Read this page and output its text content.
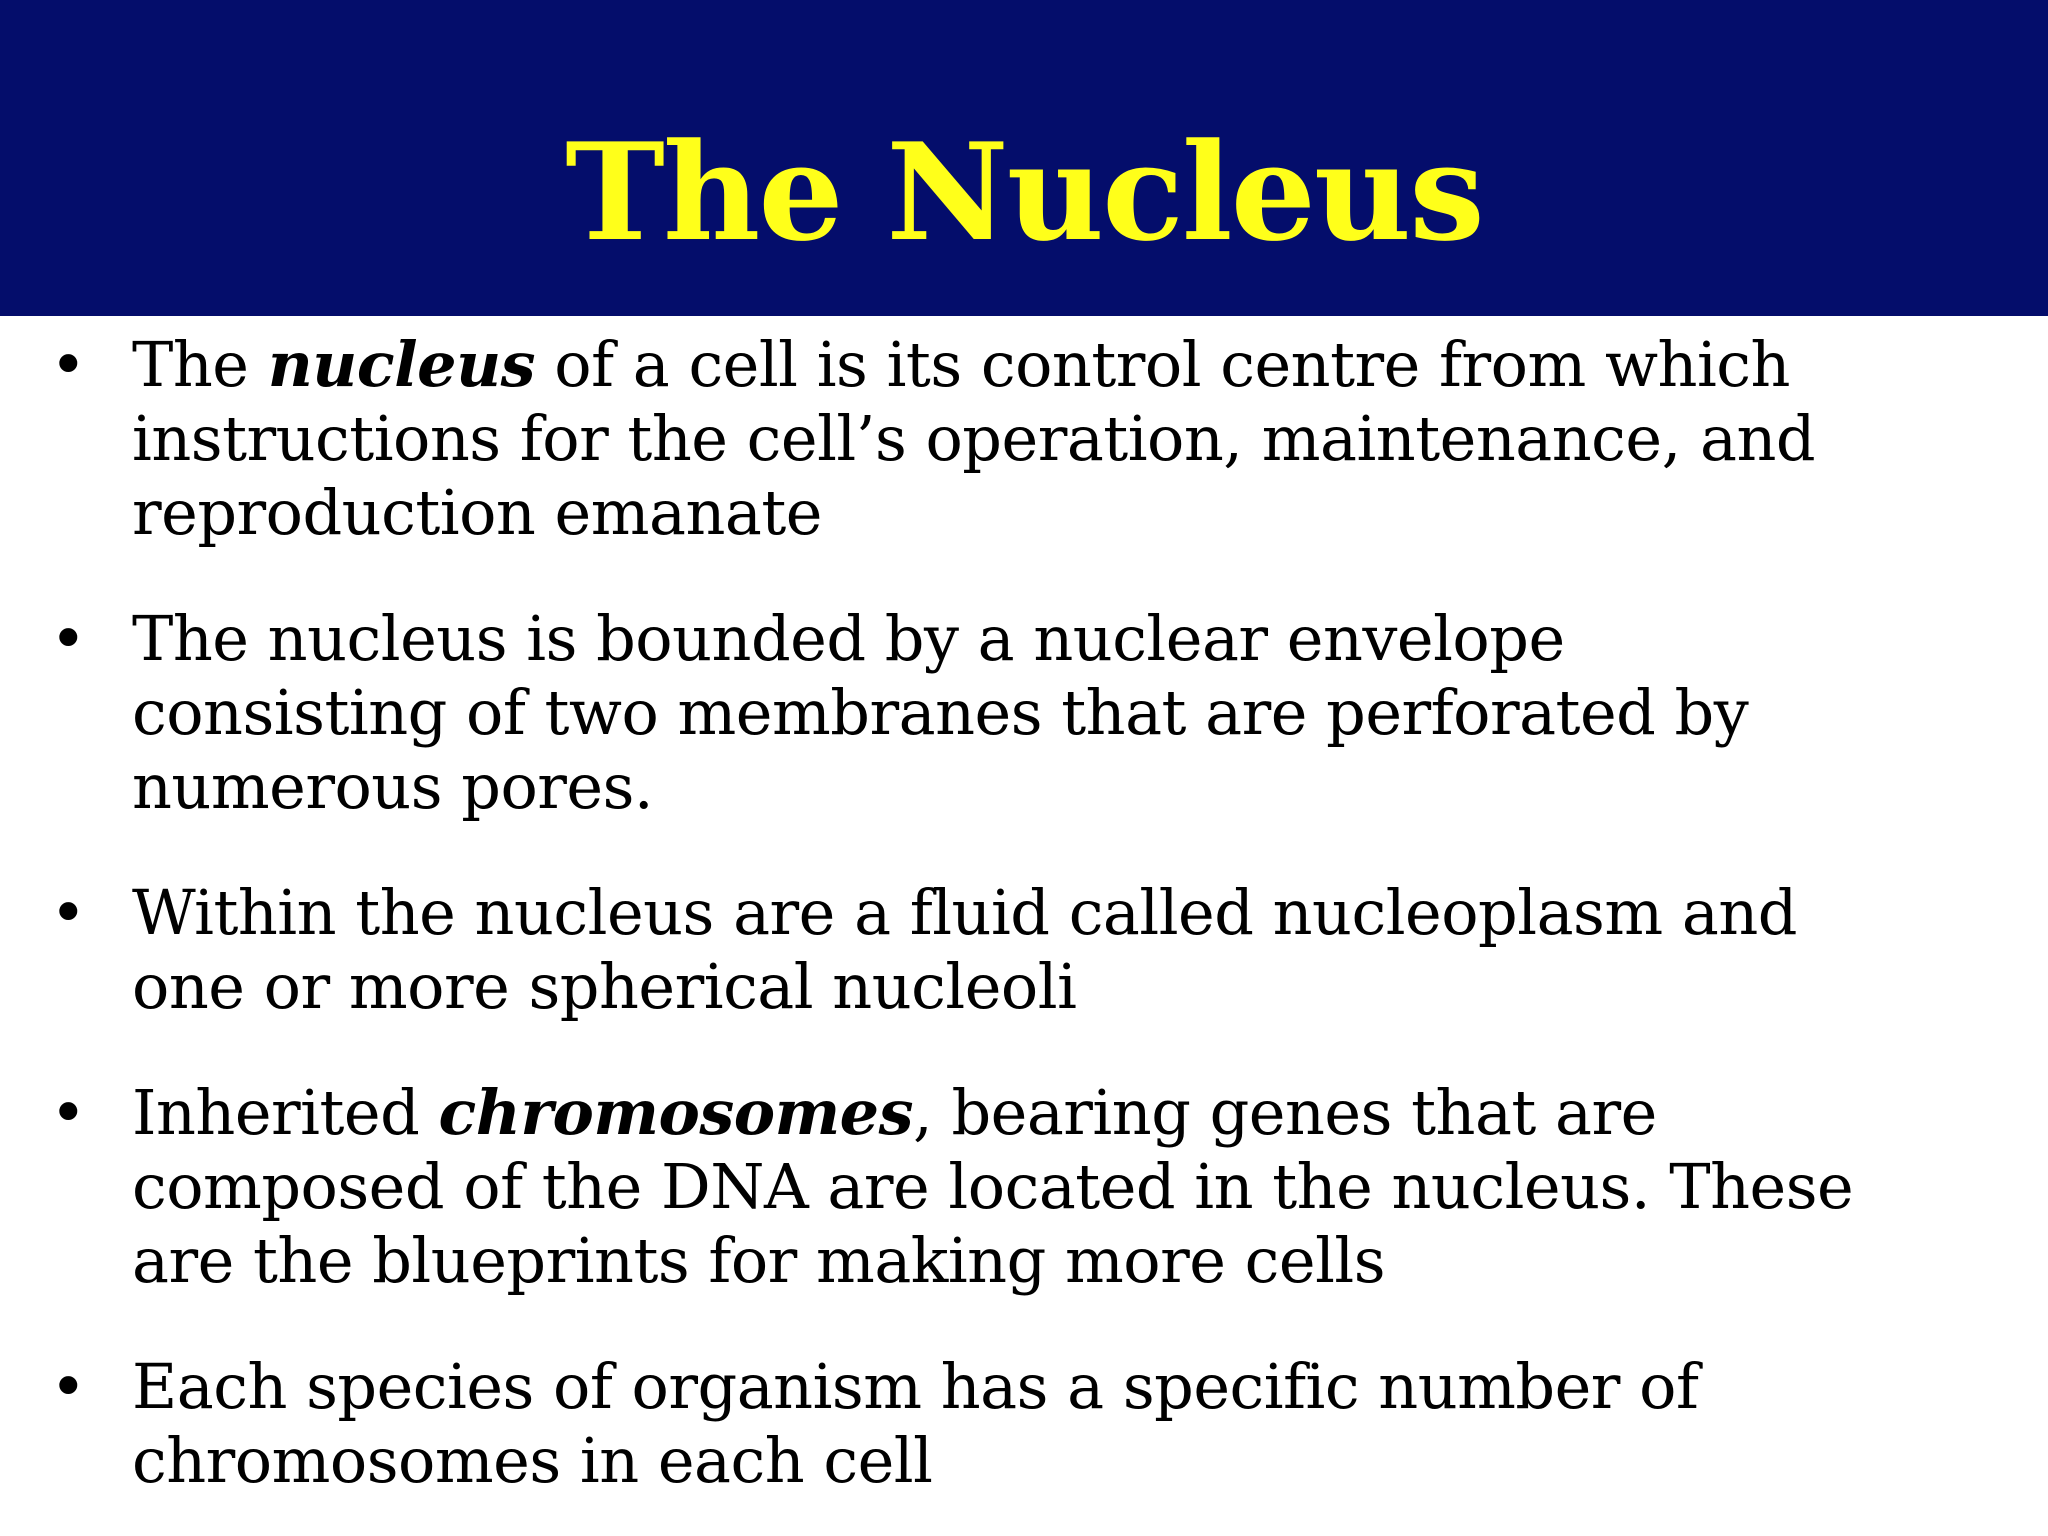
The Nucleus
• The nucleus of a cell is its control centre from which
instructions for the cell’s operation, maintenance, and
reproduction emanate
• The nucleus is bounded by a nuclear envelope
consisting of two membranes that are perforated by
numerous pores.
• Within the nucleus are a fluid called nucleoplasm and
one or more spherical nucleoli
• Inherited chromosomes, bearing genes that are
composed of the DNA are located in the nucleus. These
are the blueprints for making more cells
• Each species of organism has a specific number of
chromosomes in each cell
